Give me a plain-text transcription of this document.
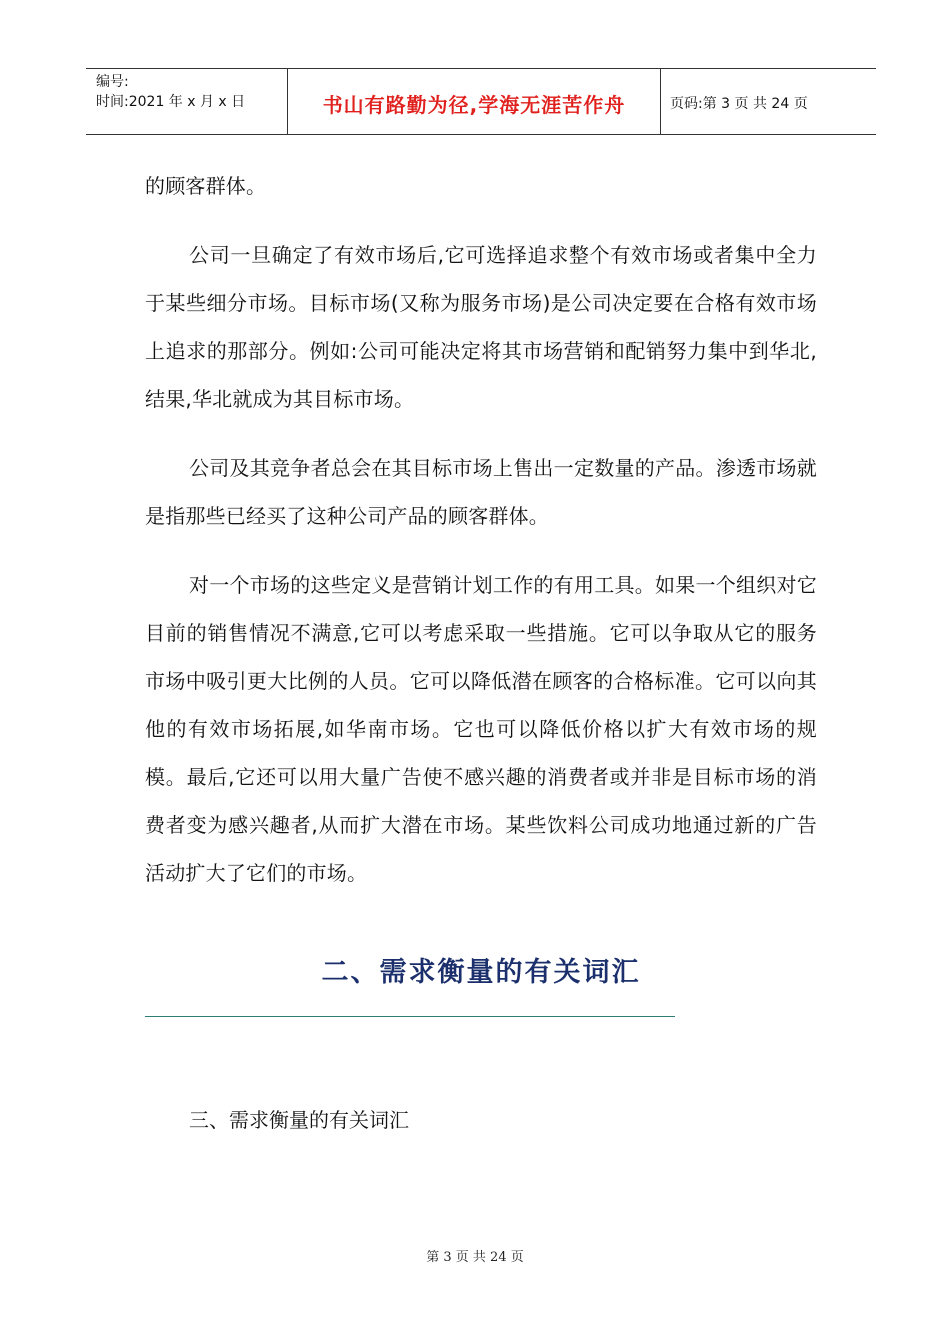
编号:
时间:2021 年 x 月 x 日	书山有路勤为径,学海无涯苦作舟	页码:第 3 页 共 24 页

的顾客群体。

公司一旦确定了有效市场后,它可选择追求整个有效市场或者集中全力于某些细分市场。目标市场(又称为服务市场)是公司决定要在合格有效市场上追求的那部分。例如:公司可能决定将其市场营销和配销努力集中到华北,结果,华北就成为其目标市场。

公司及其竞争者总会在其目标市场上售出一定数量的产品。渗透市场就是指那些已经买了这种公司产品的顾客群体。

对一个市场的这些定义是营销计划工作的有用工具。如果一个组织对它目前的销售情况不满意,它可以考虑采取一些措施。它可以争取从它的服务市场中吸引更大比例的人员。它可以降低潜在顾客的合格标准。它可以向其他的有效市场拓展,如华南市场。它也可以降低价格以扩大有效市场的规模。最后,它还可以用大量广告使不感兴趣的消费者或并非是目标市场的消费者变为感兴趣者,从而扩大潜在市场。某些饮料公司成功地通过新的广告活动扩大了它们的市场。

二、需求衡量的有关词汇
三、需求衡量的有关词汇
第 3 页 共 24 页
